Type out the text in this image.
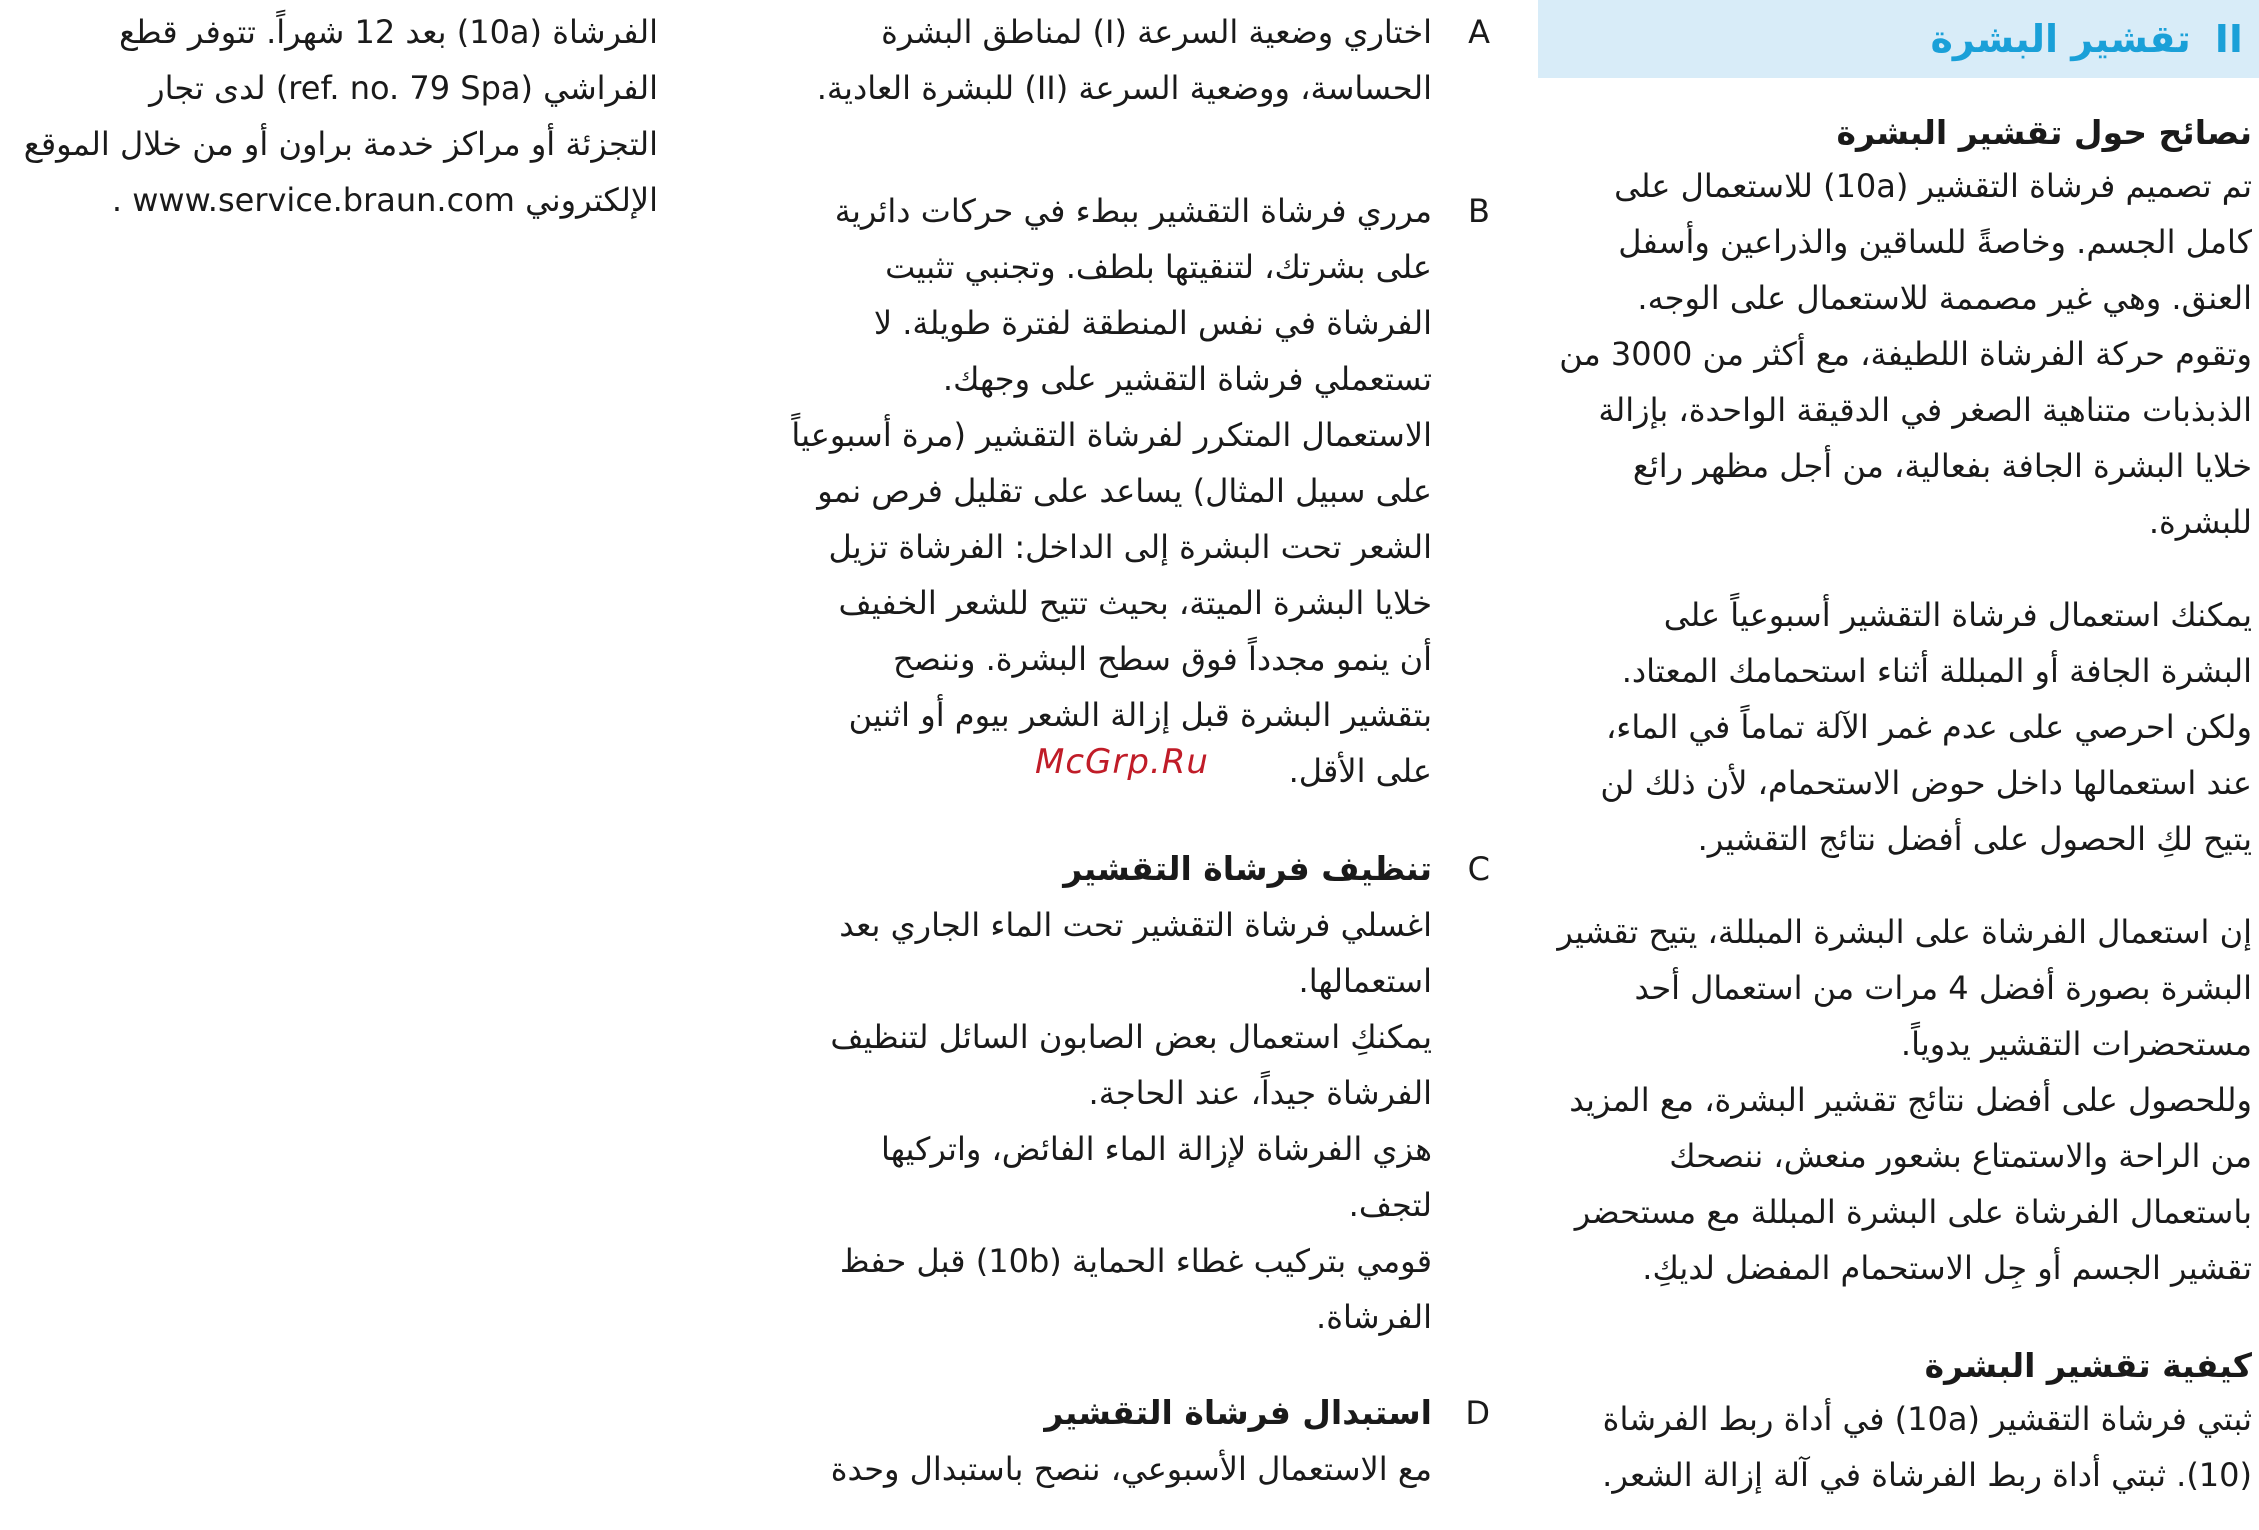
II
تقشير البشرة
نصائح حول تقشير البشرة
تم تصميم فرشاة التقشير (10a) للاستعمال على
كامل الجسم. وخاصةً للساقين والذراعين وأسفل
العنق. وهي غير مصممة للاستعمال على الوجه.
وتقوم حركة الفرشاة اللطيفة، مع أكثر من 3000 من
الذبذبات متناهية الصغر في الدقيقة الواحدة، بإزالة
خلايا البشرة الجافة بفعالية، من أجل مظهر رائع
للبشرة.
يمكنك استعمال فرشاة التقشير أسبوعياً على
البشرة الجافة أو المبللة أثناء استحمامك المعتاد.
ولكن احرصي على عدم غمر الآلة تماماً في الماء،
عند استعمالها داخل حوض الاستحمام، لأن ذلك لن
يتيح لكِ الحصول على أفضل نتائج التقشير.
إن استعمال الفرشاة على البشرة المبللة، يتيح تقشير
البشرة بصورة أفضل 4 مرات من استعمال أحد
مستحضرات التقشير يدوياً.
وللحصول على أفضل نتائج تقشير البشرة، مع المزيد
من الراحة والاستمتاع بشعور منعش، ننصحك
باستعمال الفرشاة على البشرة المبللة مع مستحضر
تقشير الجسم أو جِل الاستحمام المفضل لديكِ.
كيفية تقشير البشرة
ثبتي فرشاة التقشير (10a) في أداة ربط الفرشاة
(10). ثبتي أداة ربط الفرشاة في آلة إزالة الشعر.
A
اختاري وضعية السرعة (I) لمناطق البشرة
الحساسة، ووضعية السرعة (II) للبشرة العادية.
B
مرري فرشاة التقشير ببطء في حركات دائرية
على بشرتك، لتنقيتها بلطف. وتجنبي تثبيت
الفرشاة في نفس المنطقة لفترة طويلة. لا
تستعملي فرشاة التقشير على وجهك.
الاستعمال المتكرر لفرشاة التقشير (مرة أسبوعياً
على سبيل المثال) يساعد على تقليل فرص نمو
الشعر تحت البشرة إلى الداخل: الفرشاة تزيل
خلايا البشرة الميتة، بحيث تتيح للشعر الخفيف
أن ينمو مجدداً فوق سطح البشرة. وننصح
بتقشير البشرة قبل إزالة الشعر بيوم أو اثنين
على الأقل.
C
تنظيف فرشاة التقشير
اغسلي فرشاة التقشير تحت الماء الجاري بعد
استعمالها.
يمكنكِ استعمال بعض الصابون السائل لتنظيف
الفرشاة جيداً، عند الحاجة.
هزي الفرشاة لإزالة الماء الفائض، واتركيها
لتجف.
قومي بتركيب غطاء الحماية (10b) قبل حفظ
الفرشاة.
D
استبدال فرشاة التقشير
مع الاستعمال الأسبوعي، ننصح باستبدال وحدة
الفرشاة (10a) بعد 12 شهراً. تتوفر قطع
الفراشي (ref. no. 79 Spa) لدى تجار
التجزئة أو مراكز خدمة براون أو من خلال الموقع
الإلكتروني www.service.braun.com .
McGrp.Ru
